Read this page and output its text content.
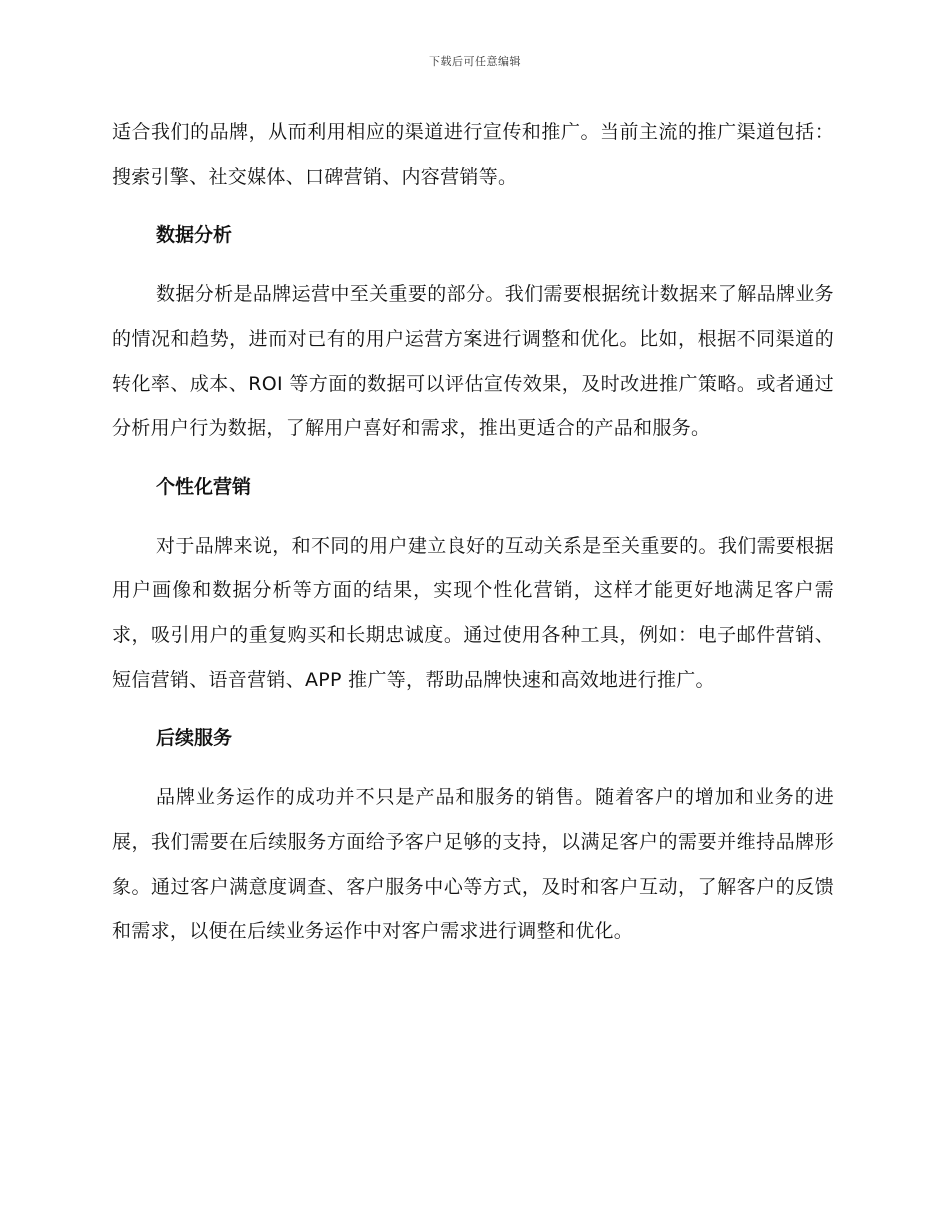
下载后可任意编辑

适合我们的品牌，从而利用相应的渠道进行宣传和推广。当前主流的推广渠道包括：搜索引擎、社交媒体、口碑营销、内容营销等。

数据分析

数据分析是品牌运营中至关重要的部分。我们需要根据统计数据来了解品牌业务的情况和趋势，进而对已有的用户运营方案进行调整和优化。比如，根据不同渠道的转化率、成本、ROI 等方面的数据可以评估宣传效果，及时改进推广策略。或者通过分析用户行为数据，了解用户喜好和需求，推出更适合的产品和服务。

个性化营销

对于品牌来说，和不同的用户建立良好的互动关系是至关重要的。我们需要根据用户画像和数据分析等方面的结果，实现个性化营销，这样才能更好地满足客户需求，吸引用户的重复购买和长期忠诚度。通过使用各种工具，例如：电子邮件营销、短信营销、语音营销、APP 推广等，帮助品牌快速和高效地进行推广。

后续服务

品牌业务运作的成功并不只是产品和服务的销售。随着客户的增加和业务的进展，我们需要在后续服务方面给予客户足够的支持，以满足客户的需要并维持品牌形象。通过客户满意度调查、客户服务中心等方式，及时和客户互动，了解客户的反馈和需求，以便在后续业务运作中对客户需求进行调整和优化。
